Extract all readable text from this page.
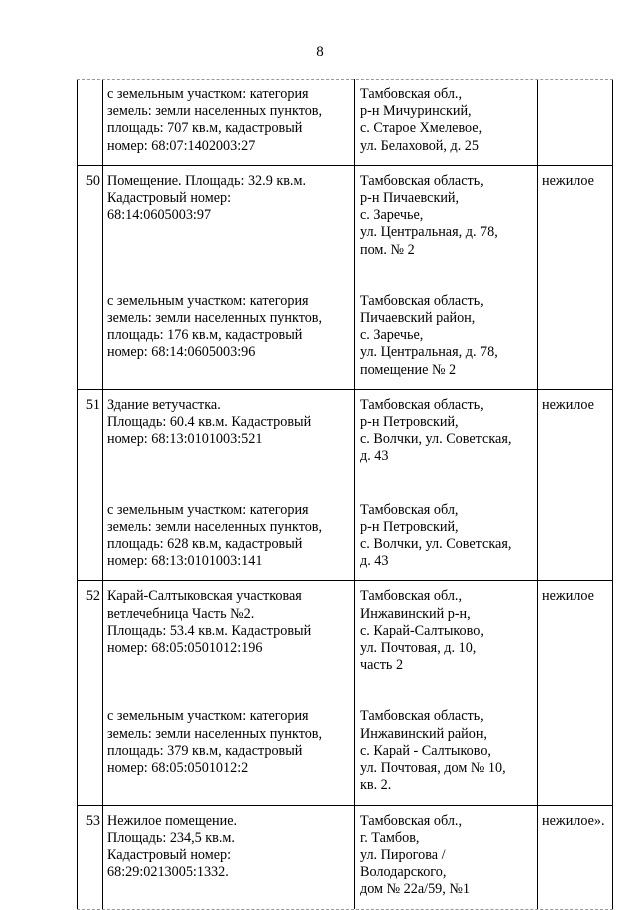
8
с земельным участком: категория
земель: земли населенных пунктов,
площадь: 707 кв.м, кадастровый
номер: 68:07:1402003:27
Тамбовская обл.,
р-н Мичуринский,
с. Старое Хмелевое,
ул. Белаховой, д. 25
50 Помещение. Площадь: 32.9 кв.м.
Кадастровый номер:
68:14:0605003:97
с земельным участком: категория
земель: земли населенных пунктов,
площадь: 176 кв.м, кадастровый
номер: 68:14:0605003:96
Тамбовская область,
р-н Пичаевский,
с. Заречье,
ул. Центральная, д. 78,
пом. № 2
Тамбовская область,
Пичаевский район,
с. Заречье,
ул. Центральная, д. 78,
помещение № 2
нежилое
51 Здание ветучастка.
Площадь: 60.4 кв.м. Кадастровый
номер: 68:13:0101003:521
с земельным участком: категория
земель: земли населенных пунктов,
площадь: 628 кв.м, кадастровый
номер: 68:13:0101003:141
Тамбовская область,
р-н Петровский,
с. Волчки, ул. Советская,
д. 43
Тамбовская обл,
р-н Петровский,
с. Волчки, ул. Советская,
д. 43
нежилое
52 Карай-Салтыковская участковая
ветлечебница Часть №2.
Площадь: 53.4 кв.м. Кадастровый
номер: 68:05:0501012:196
с земельным участком: категория
земель: земли населенных пунктов,
площадь: 379 кв.м, кадастровый
номер: 68:05:0501012:2
Тамбовская обл.,
Инжавинский р-н,
с. Карай-Салтыково,
ул. Почтовая, д. 10,
часть 2
Тамбовская область,
Инжавинский район,
с. Карай - Салтыково,
ул. Почтовая, дом № 10,
кв. 2.
нежилое
53 Нежилое помещение.
Площадь: 234,5 кв.м.
Кадастровый номер:
68:29:0213005:1332.
Тамбовская обл.,
г. Тамбов,
ул. Пирогова /
Володарского,
дом № 22а/59, №1
нежилое».
